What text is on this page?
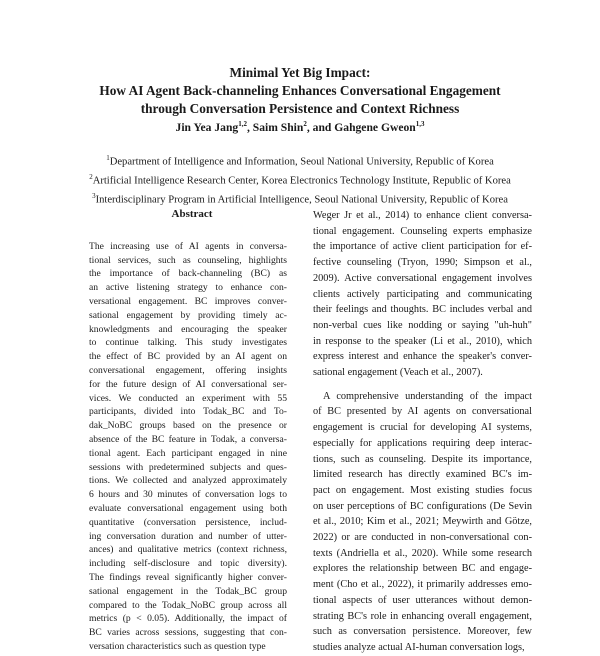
Minimal Yet Big Impact:
How AI Agent Back-channeling Enhances Conversational Engagement
through Conversation Persistence and Context Richness
Jin Yea Jang$^{1,2}$, Saim Shin$^2$, and Gahgene Gweon$^{1,3}$
$^1$Department of Intelligence and Information, Seoul National University, Republic of Korea
$^2$Artificial Intelligence Research Center, Korea Electronics Technology Institute, Republic of Korea
$^3$Interdisciplinary Program in Artificial Intelligence, Seoul National University, Republic of Korea
Abstract
The increasing use of AI agents in conversa-
tional services, such as counseling, highlights
the importance of back-channeling (BC) as
an active listening strategy to enhance con-
versational engagement. BC improves conver-
sational engagement by providing timely ac-
knowledgments and encouraging the speaker
to continue talking. This study investigates
the effect of BC provided by an AI agent on
conversational engagement, offering insights
for the future design of AI conversational ser-
vices. We conducted an experiment with 55
participants, divided into Todak_BC and To-
dak_NoBC groups based on the presence or
absence of the BC feature in Todak, a conversa-
tional agent. Each participant engaged in nine
sessions with predetermined subjects and ques-
tions. We collected and analyzed approximately
6 hours and 30 minutes of conversation logs to
evaluate conversational engagement using both
quantitative (conversation persistence, includ-
ing conversation duration and number of utter-
ances) and qualitative metrics (context richness,
including self-disclosure and topic diversity).
The findings reveal significantly higher conver-
sational engagement in the Todak_BC group
compared to the Todak_NoBC group across all
metrics (p < 0.05). Additionally, the impact of
BC varies across sessions, suggesting that con-
versation characteristics such as question type
Weger Jr et al., 2014) to enhance client conversa-
tional engagement. Counseling experts emphasize
the importance of active client participation for ef-
fective counseling (Tryon, 1990; Simpson et al.,
2009). Active conversational engagement involves
clients actively participating and communicating
their feelings and thoughts. BC includes verbal and
non-verbal cues like nodding or saying "uh-huh"
in response to the speaker (Li et al., 2010), which
express interest and enhance the speaker's conver-
sational engagement (Veach et al., 2007).
A comprehensive understanding of the impact
of BC presented by AI agents on conversational
engagement is crucial for developing AI systems,
especially for applications requiring deep interac-
tions, such as counseling. Despite its importance,
limited research has directly examined BC's im-
pact on engagement. Most existing studies focus
on user perceptions of BC configurations (De Sevin
et al., 2010; Kim et al., 2021; Meywirth and Götze,
2022) or are conducted in non-conversational con-
texts (Andriella et al., 2020). While some research
explores the relationship between BC and engage-
ment (Cho et al., 2022), it primarily addresses emo-
tional aspects of user utterances without demon-
strating BC's role in enhancing overall engagement,
such as conversation persistence. Moreover, few
studies analyze actual AI-human conversation logs,
